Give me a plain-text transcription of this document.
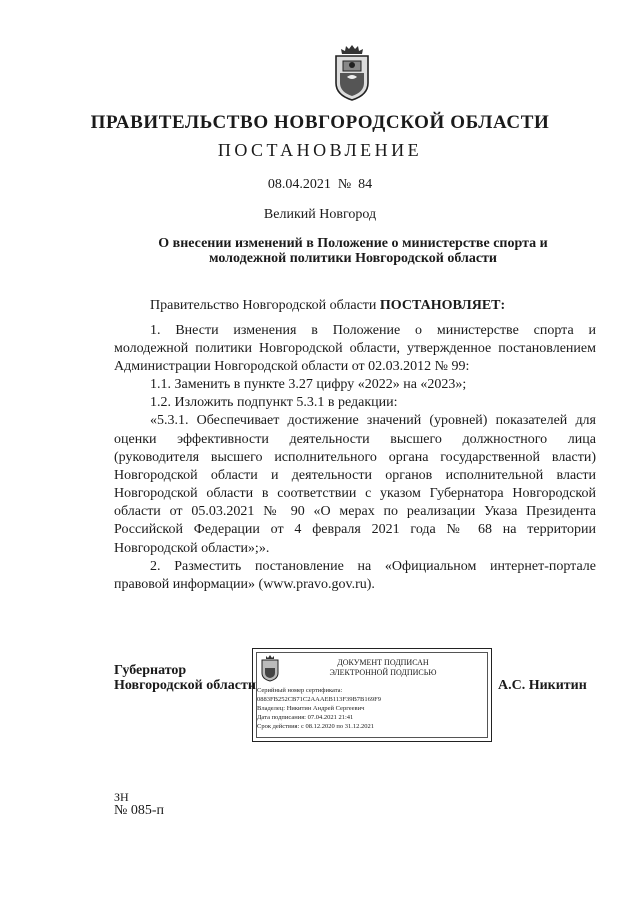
ПРАВИТЕЛЬСТВО НОВГОРОДСКОЙ ОБЛАСТИ
ПОСТАНОВЛЕНИЕ
08.04.2021 № 84
Великий Новгород
О внесении изменений в Положение о министерстве спорта и молодежной политики Новгородской области
Правительство Новгородской области ПОСТАНОВЛЯЕТ:
1. Внести изменения в Положение о министерстве спорта и
молодежной политики Новгородской области, утвержденное постановлением
Администрации Новгородской области от 02.03.2012 № 99:
1.1. Заменить в пункте 3.27 цифру «2022» на «2023»;
1.2. Изложить подпункт 5.3.1 в редакции:
«5.3.1. Обеспечивает достижение значений (уровней) показателей для
оценки эффективности деятельности высшего должностного лица
(руководителя высшего исполнительного органа государственной власти)
Новгородской области и деятельности органов исполнительной власти
Новгородской области в соответствии с указом Губернатора Новгородской
области от 05.03.2021 № 90 «О мерах по реализации Указа Президента
Российской Федерации от 4 февраля 2021 года № 68 на территории
Новгородской области»;».
2. Разместить постановление на «Официальном интернет-портале
правовой информации» (www.pravo.gov.ru).
Губернатор
Новгородской области
ДОКУМЕНТ ПОДПИСАН
ЭЛЕКТРОННОЙ ПОДПИСЬЮ
Серийный номер сертификата:
0883FB252CB71C2AAAEB113F39B7B169F9
Владелец: Никитин Андрей Сергеевич
Дата подписания: 07.04.2021 21:41
Срок действия: с 08.12.2020 по 31.12.2021
А.С. Никитин
ЗН
№ 085-п
